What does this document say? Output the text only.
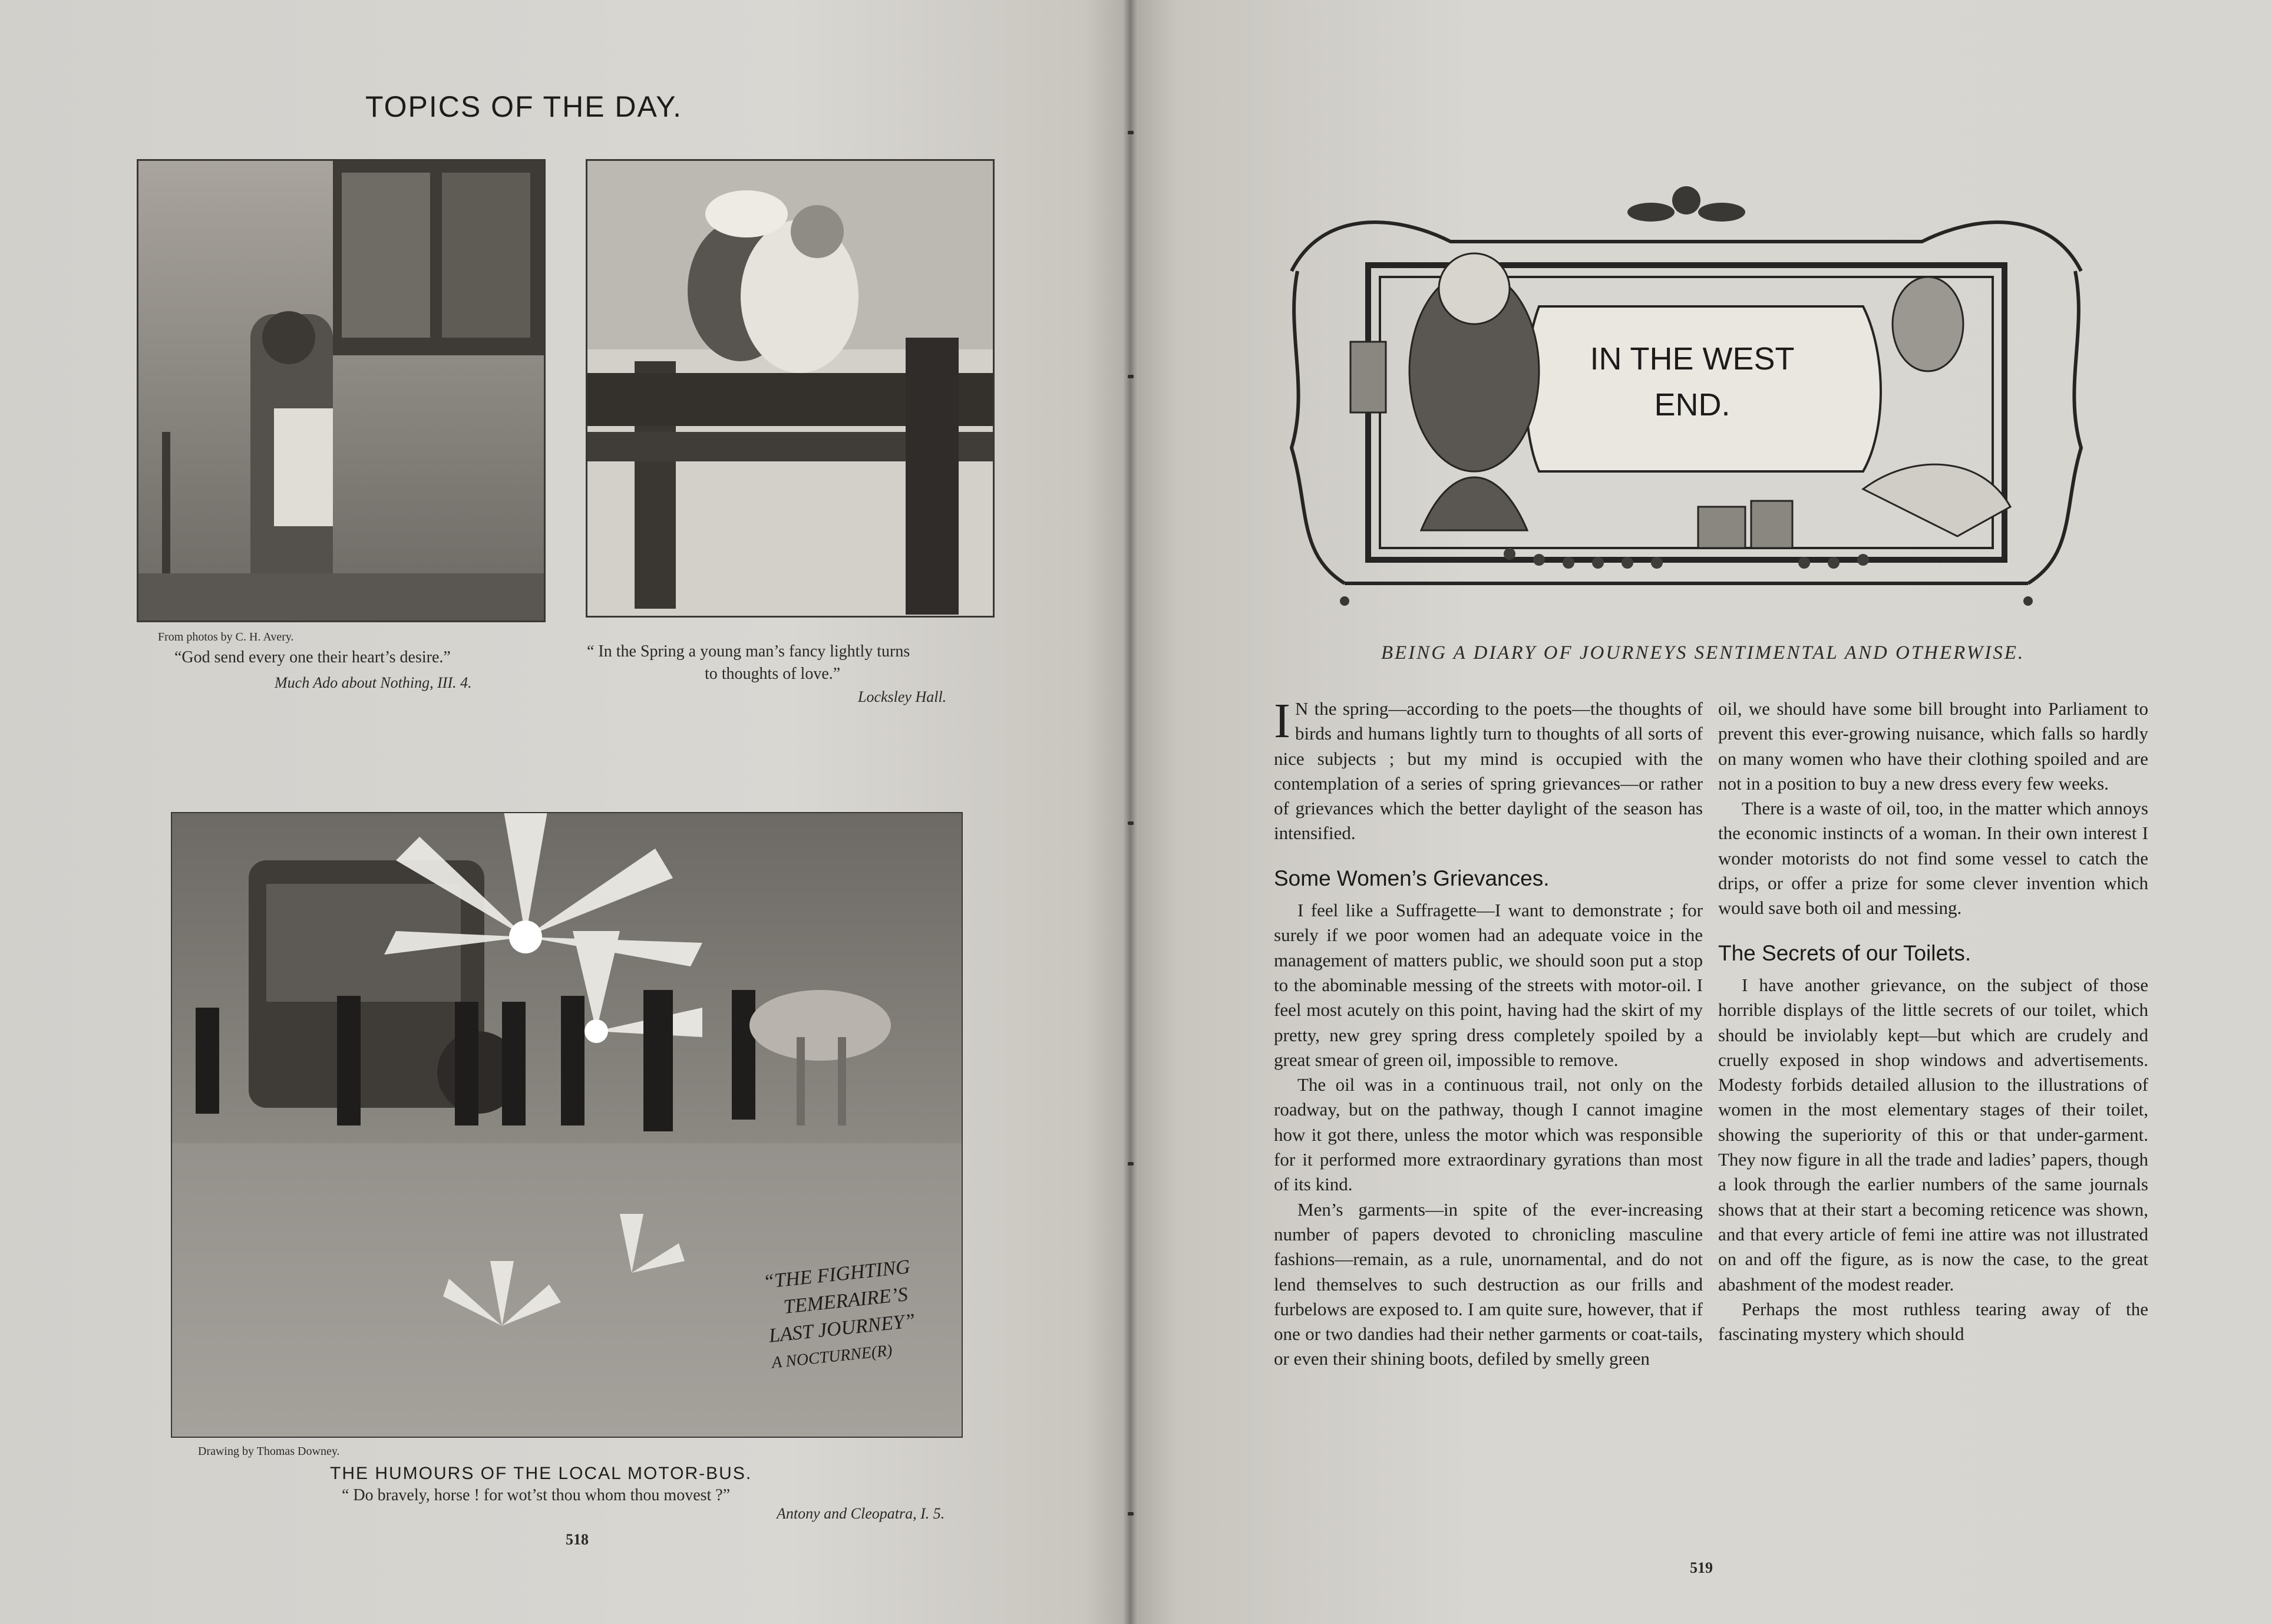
TOPICS OF THE DAY.
From photos by C. H. Avery.
“God send every one their heart’s desire.”
Much Ado about Nothing, III. 4.
“ In the Spring a young man’s fancy lightly turns
to thoughts of love.”
Locksley Hall.
“THE FIGHTING
TEMERAIRE’S
LAST JOURNEY”
A NOCTURNE(R)
Drawing by Thomas Downey.
THE HUMOURS OF THE LOCAL MOTOR-BUS.
“ Do bravely, horse ! for wot’st thou whom thou movest ?”
Antony and Cleopatra, I. 5.
518
IN THE WEST
END.
BEING A DIARY OF JOURNEYS SENTIMENTAL AND OTHERWISE.

I N the spring—according to the poets—the thoughts of birds and humans lightly turn to thoughts of all sorts of nice subjects ; but my mind is occupied with the contemplation of a series of spring grievances—or rather of grievances which the better daylight of the season has intensified.

Some Women’s Grievances.

I feel like a Suffragette—I want to demonstrate ; for surely if we poor women had an adequate voice in the management of matters public, we should soon put a stop to the abominable messing of the streets with motor-oil. I feel most acutely on this point, having had the skirt of my pretty, new grey spring dress completely spoiled by a great smear of green oil, impossible to remove.

The oil was in a continuous trail, not only on the roadway, but on the pathway, though I cannot imagine how it got there, unless the motor which was responsible for it performed more extraordinary gyrations than most of its kind.

Men’s garments—in spite of the ever-increasing number of papers devoted to chronicling masculine fashions—remain, as a rule, unornamental, and do not lend themselves to such destruction as our frills and furbelows are exposed to. I am quite sure, however, that if one or two dandies had their nether garments or coat-tails, or even their shining boots, defiled by smelly green

oil, we should have some bill brought into Parliament to prevent this ever-growing nuisance, which falls so hardly on many women who have their clothing spoiled and are not in a position to buy a new dress every few weeks.

There is a waste of oil, too, in the matter which annoys the economic instincts of a woman. In their own interest I wonder motorists do not find some vessel to catch the drips, or offer a prize for some clever invention which would save both oil and messing.

The Secrets of our Toilets.

I have another grievance, on the subject of those horrible displays of the little secrets of our toilet, which should be inviolably kept—but which are crudely and cruelly exposed in shop windows and advertisements. Modesty forbids detailed allusion to the illustrations of women in the most elementary stages of their toilet, showing the superiority of this or that under-garment. They now figure in all the trade and ladies’ papers, though a look through the earlier numbers of the same journals shows that at their start a becoming reticence was shown, and that every article of femi ine attire was not illustrated on and off the figure, as is now the case, to the great abashment of the modest reader.

Perhaps the most ruthless tearing away of the fascinating mystery which should

519
